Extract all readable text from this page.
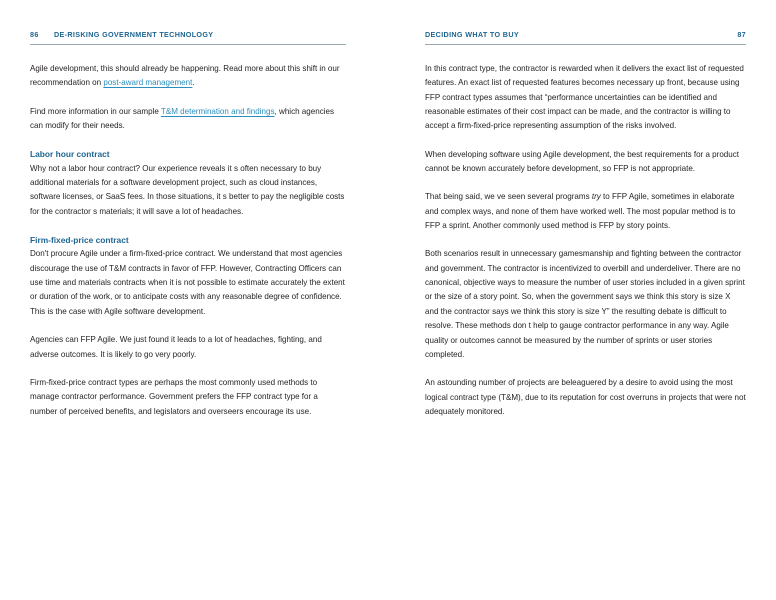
86	DE-RISKING GOVERNMENT TECHNOLOGY

Agile development, this should already be happening. Read more about this shift in our recommendation on post-award management.

Find more information in our sample T&M determination and findings, which agencies can modify for their needs.

Labor hour contract

Why not a labor hour contract? Our experience reveals it s often necessary to buy additional materials for a software development project, such as cloud instances, software licenses, or SaaS fees. In those situations, it s better to pay the negligible costs for the contractor s materials; it will save a lot of headaches.

Firm-fixed-price contract

Don't procure Agile under a firm-fixed-price contract. We understand that most agencies discourage the use of T&M contracts in favor of FFP. However, Contracting Officers can use time and materials contracts when it is not possible to estimate accurately the extent or duration of the work, or to anticipate costs with any reasonable degree of confidence. This is the case with Agile software development.

Agencies can FFP Agile. We just found it leads to a lot of headaches, fighting, and adverse outcomes. It is likely to go very poorly.

Firm-fixed-price contract types are perhaps the most commonly used methods to manage contractor performance. Government prefers the FFP contract type for a number of perceived benefits, and legislators and overseers encourage its use.

DECIDING WHAT TO BUY	87

In this contract type, the contractor is rewarded when it delivers the exact list of requested features. An exact list of requested features becomes necessary up front, because using FFP contract types assumes that “performance uncertainties can be identified and reasonable estimates of their cost impact can be made, and the contractor is willing to accept a firm-fixed-price representing assumption of the risks involved.

When developing software using Agile development, the best requirements for a product cannot be known accurately before development, so FFP is not appropriate.

That being said, we ve seen several programs try to FFP Agile, sometimes in elaborate and complex ways, and none of them have worked well. The most popular method is to FFP a sprint. Another commonly used method is FFP by story points.

Both scenarios result in unnecessary gamesmanship and fighting between the contractor and government. The contractor is incentivized to overbill and underdeliver. There are no canonical, objective ways to measure the number of user stories included in a given sprint or the size of a story point. So, when the government says we think this story is size X and the contractor says we think this story is size Y” the resulting debate is difficult to resolve. These methods don t help to gauge contractor performance in any way. Agile quality or outcomes cannot be measured by the number of sprints or user stories completed.

An astounding number of projects are beleaguered by a desire to avoid using the most logical contract type (T&M), due to its reputation for cost overruns in projects that were not adequately monitored.
